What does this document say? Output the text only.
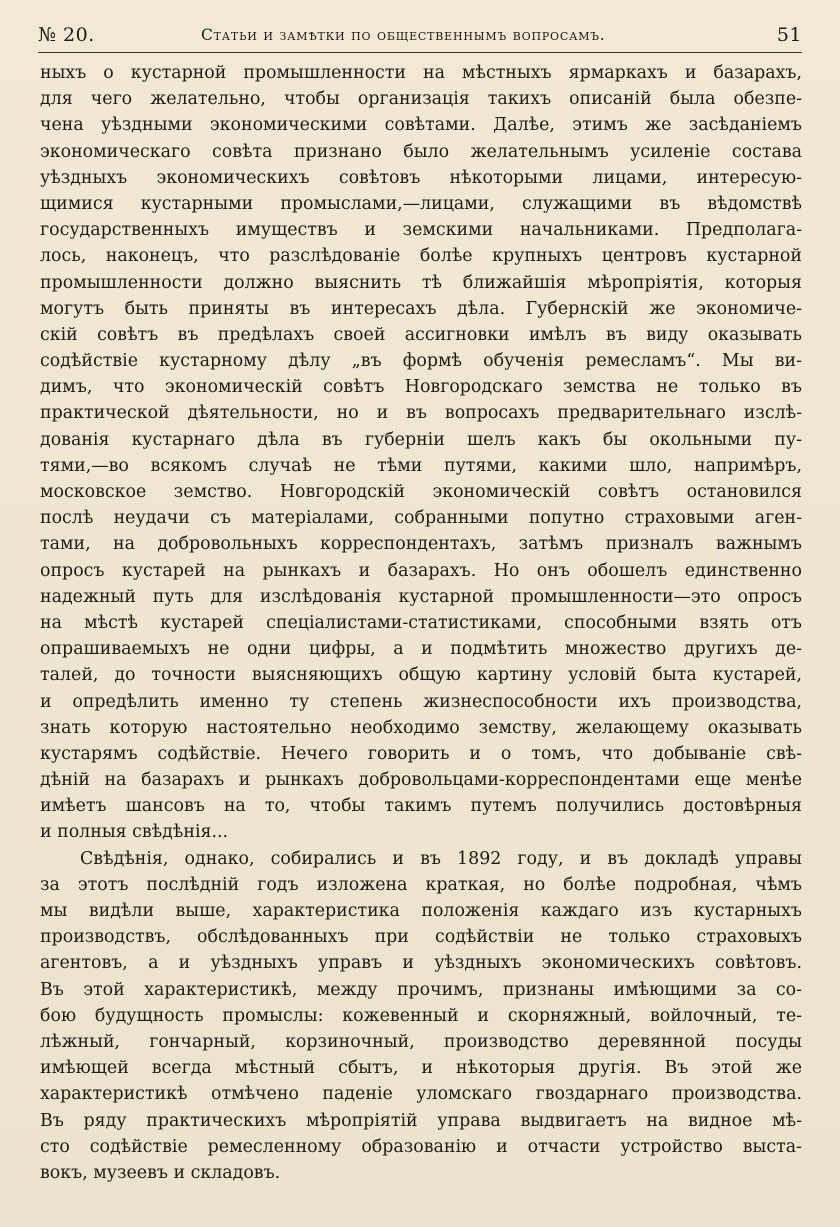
№ 20.	Статьи и замѣтки по общественнымъ вопросамъ.	51

ныхъ о кустарной промышленности на мѣстныхъ ярмаркахъ и базарахъ,
для чего желательно, чтобы организація такихъ описаній была обезпе-
чена уѣздными экономическими совѣтами. Далѣе, этимъ же засѣданіемъ
экономическаго совѣта признано было желательнымъ усиленіе состава
уѣздныхъ экономическихъ совѣтовъ нѣкоторыми лицами, интересую-
щимися кустарными промыслами,—лицами, служащими въ вѣдомствѣ
государственныхъ имуществъ и земскими начальниками. Предполага-
лось, наконецъ, что разслѣдованіе болѣе крупныхъ центровъ кустарной
промышленности должно выяснить тѣ ближайшія мѣропріятія, которыя
могутъ быть приняты въ интересахъ дѣла. Губернскій же экономиче-
скій совѣтъ въ предѣлахъ своей ассигновки имѣлъ въ виду оказывать
содѣйствіе кустарному дѣлу „въ формѣ обученія ремесламъ“. Мы ви-
димъ, что экономическій совѣтъ Новгородскаго земства не только въ
практической дѣятельности, но и въ вопросахъ предварительнаго изслѣ-
дованія кустарнаго дѣла въ губерніи шелъ какъ бы окольными пу-
тями,—во всякомъ случаѣ не тѣми путями, какими шло, напримѣръ,
московское земство. Новгородскій экономическій совѣтъ остановился
послѣ неудачи съ матеріалами, собранными попутно страховыми аген-
тами, на добровольныхъ корреспондентахъ, затѣмъ призналъ важнымъ
опросъ кустарей на рынкахъ и базарахъ. Но онъ обошелъ единственно
надежный путь для изслѣдованія кустарной промышленности—это опросъ
на мѣстѣ кустарей спеціалистами-статистиками, способными взять отъ
опрашиваемыхъ не одни цифры, а и подмѣтить множество другихъ де-
талей, до точности выясняющихъ общую картину условій быта кустарей,
и опредѣлить именно ту степень жизнеспособности ихъ производства,
знать которую настоятельно необходимо земству, желающему оказывать
кустарямъ содѣйствіе. Нечего говорить и о томъ, что добываніе свѣ-
дѣній на базарахъ и рынкахъ добровольцами-корреспондентами еще менѣе
имѣетъ шансовъ на то, чтобы такимъ путемъ получились достовѣрныя
и полныя свѣдѣнія...

Свѣдѣнія, однако, собирались и въ 1892 году, и въ докладѣ управы
за этотъ послѣдній годъ изложена краткая, но болѣе подробная, чѣмъ
мы видѣли выше, характеристика положенія каждаго изъ кустарныхъ
производствъ, обслѣдованныхъ при содѣйствіи не только страховыхъ
агентовъ, а и уѣздныхъ управъ и уѣздныхъ экономическихъ совѣтовъ.
Въ этой характеристикѣ, между прочимъ, признаны имѣющими за со-
бою будущность промыслы: кожевенный и скорняжный, войлочный, те-
лѣжный, гончарный, корзиночный, производство деревянной посуды
имѣющей всегда мѣстный сбытъ, и нѣкоторыя другія. Въ этой же
характеристикѣ отмѣчено паденіе уломскаго гвоздарнаго производства.
Въ ряду практическихъ мѣропріятій управа выдвигаетъ на видное мѣ-
сто содѣйствіе ремесленному образованію и отчасти устройство выста-
вокъ, музеевъ и складовъ.
